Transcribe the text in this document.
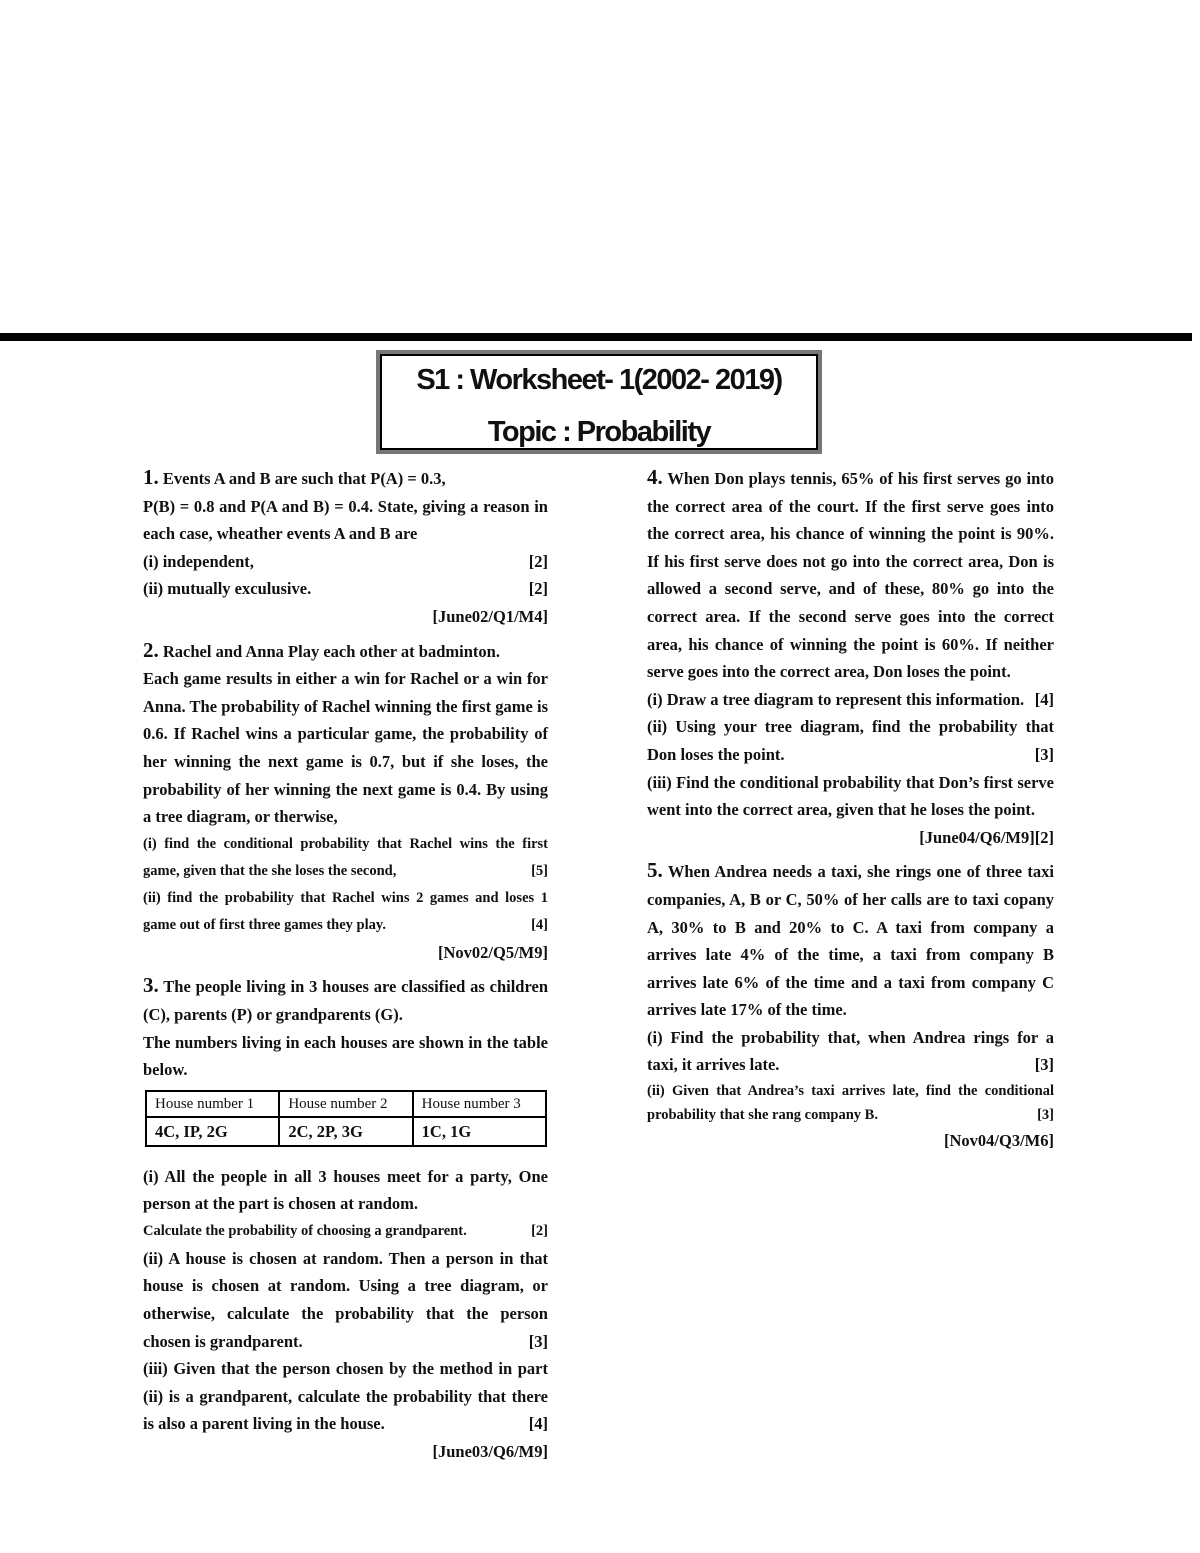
S1 : Worksheet- 1(2002- 2019)
Topic : Probability

1. Events A and B are such that P(A) = 0.3,

P(B) = 0.8 and P(A and B) = 0.4. State, giving a reason in each case, wheather events A and B are

(i) independent,	[2]
(ii) mutually exculusive.	[2]
[June02/Q1/M4]

2. Rachel and Anna Play each other at badminton.

Each game results in either a win for Rachel or a win for Anna. The probability of Rachel winning the first game is 0.6. If Rachel wins a particular game, the probability of her winning the next game is 0.7, but if she loses, the probability of her winning the next game is 0.4. By using a tree diagram, or therwise,

(i) find the conditional probability that Rachel wins the first game, given that the she loses the second,	[5]

(ii) find the probability that Rachel wins 2 games and loses 1 game out of first three games they play.	[4]

[Nov02/Q5/M9]

3. The people living in 3 houses are classified as children (C), parents (P) or grandparents (G).

The numbers living in each houses are shown in the table below.

House number 1	House number 2	House number 3
4C, IP, 2G	2C, 2P, 3G	1C, 1G

(i) All the people in all 3 houses meet for a party, One person at the part is chosen at random.

Calculate the probability of choosing a grandparent.	[2]

(ii) A house is chosen at random. Then a person in that house is chosen at random. Using a tree diagram, or otherwise, calculate the probability that the person chosen is grandparent.	[3]

(iii) Given that the person chosen by the method in part (ii) is a grandparent, calculate the probability that there is also a parent living in the house.	[4]

[June03/Q6/M9]

4. When Don plays tennis, 65% of his first serves go into the correct area of the court. If the first serve goes into the correct area, his chance of winning the point is 90%. If his first serve does not go into the correct area, Don is allowed a second serve, and of these, 80% go into the correct area. If the second serve goes into the correct area, his chance of winning the point is 60%. If neither serve goes into the correct area, Don loses the point.

(i) Draw a tree diagram to represent this information. [4]

(ii) Using your tree diagram, find the probability that Don loses the point.	[3]

(iii) Find the conditional probability that Don’s first serve went into the correct area, given that he loses the point.
[2]

[June04/Q6/M9]

5. When Andrea needs a taxi, she rings one of three taxi companies, A, B or C, 50% of her calls are to taxi copany A, 30% to B and 20% to C. A taxi from company a arrives late 4% of the time, a taxi from company B arrives late 6% of the time and a taxi from company C arrives late 17% of the time.

(i) Find the probability that, when Andrea rings for a taxi, it arrives late.	[3]

(ii) Given that Andrea’s taxi arrives late, find the conditional probability that she rang company B.	[3]

[Nov04/Q3/M6]
